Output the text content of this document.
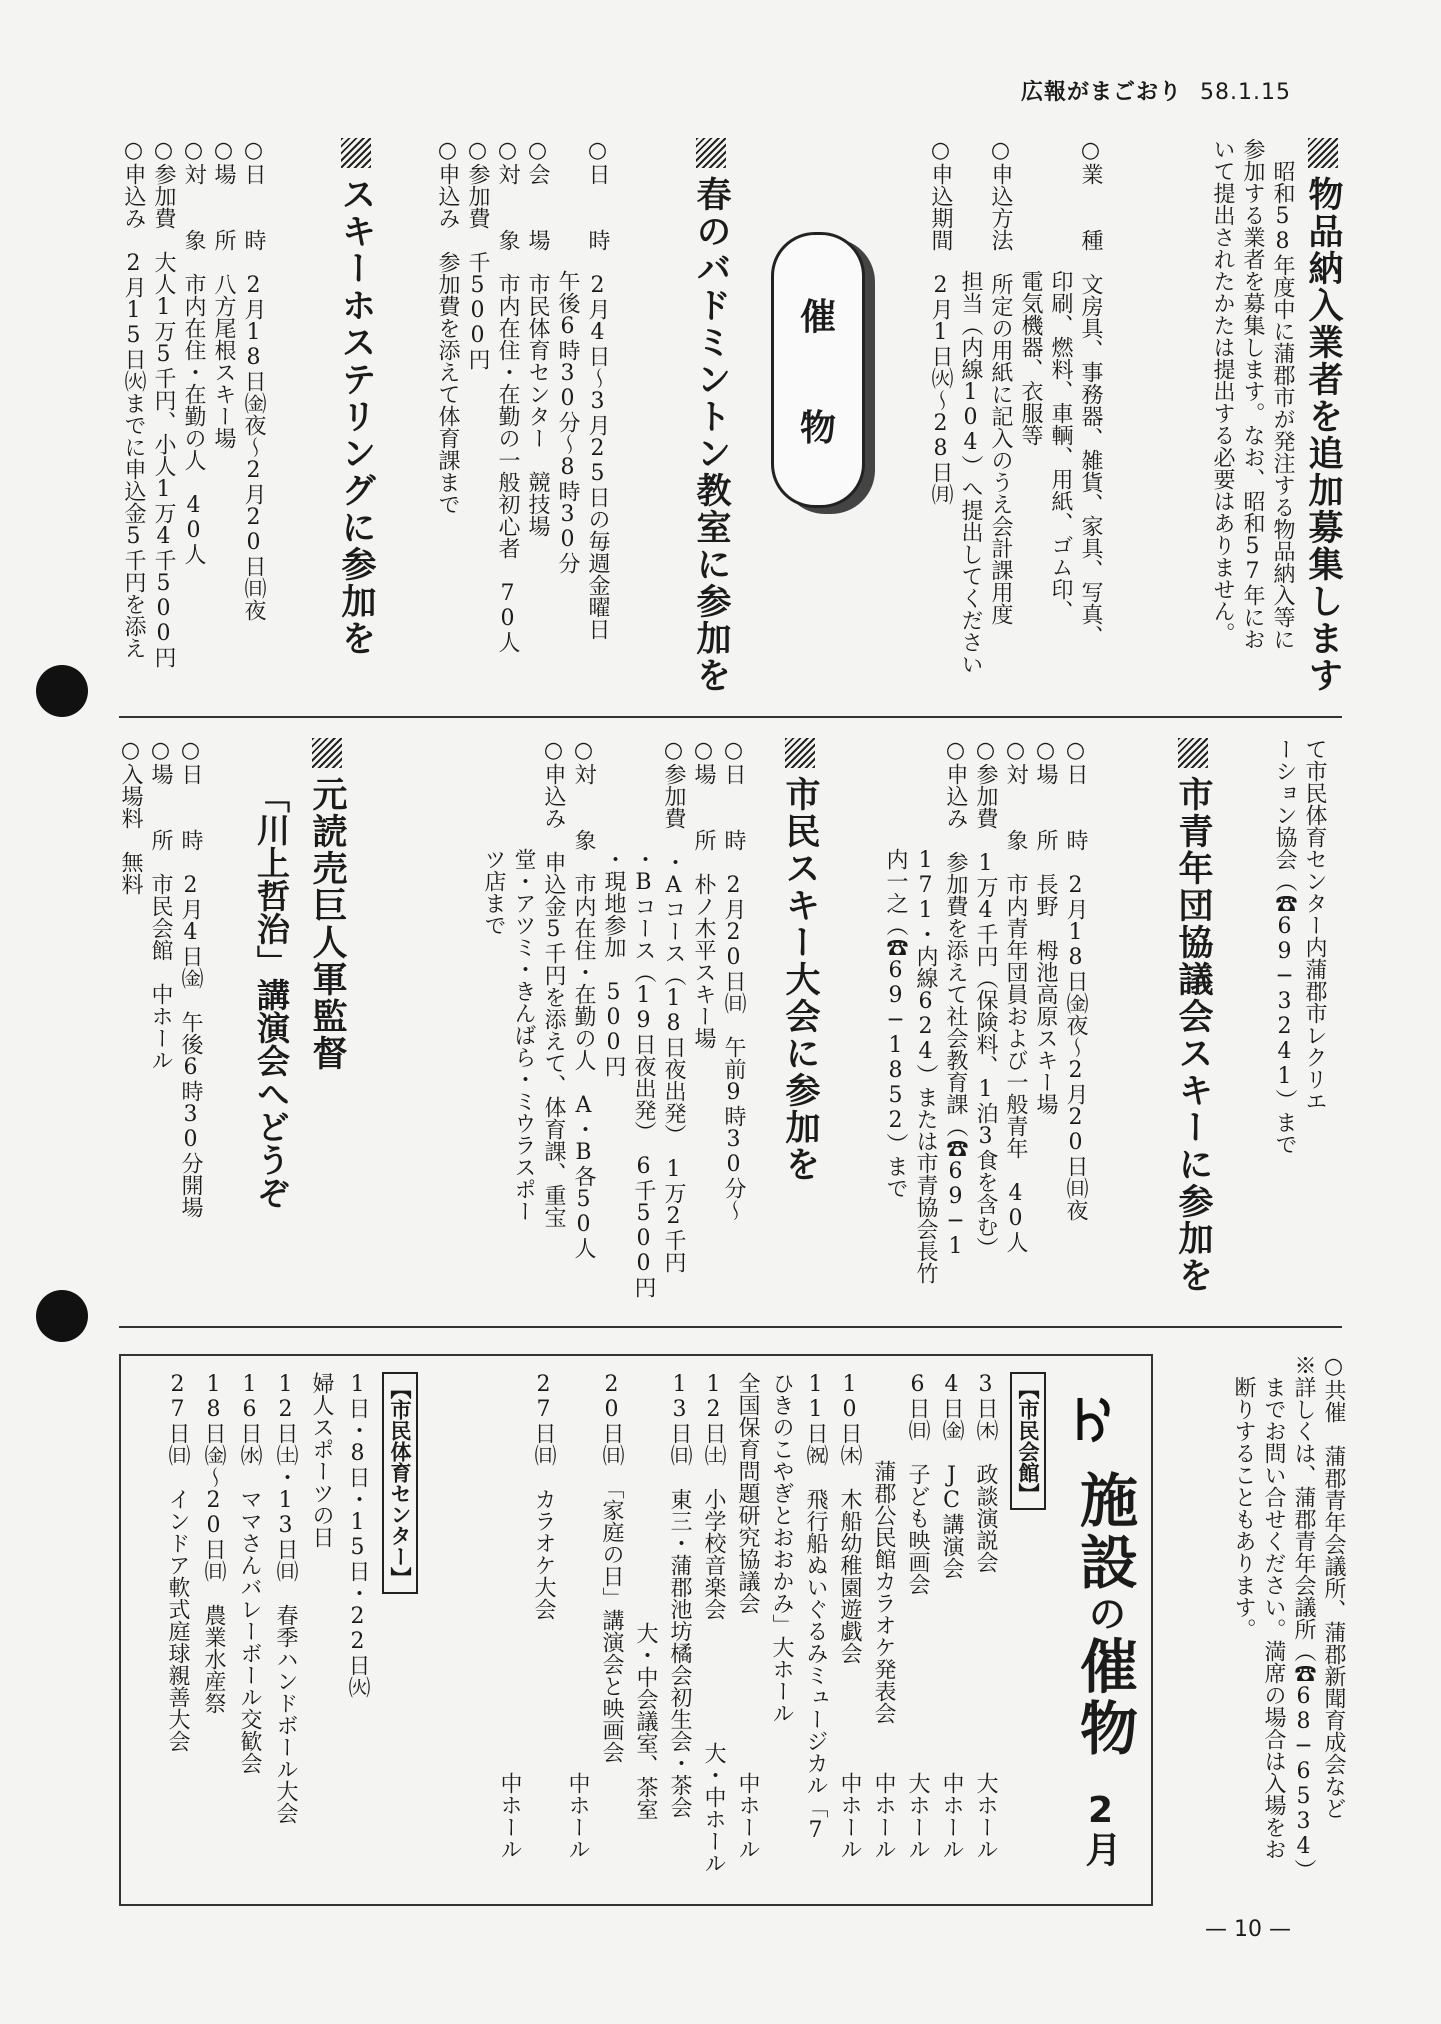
広報がまごおり 58.1.15
物品納入業者を追加募集します
昭和58年度中に蒲郡市が発注する物品納入等に
参加する業者を募集します。なお、昭和57年にお
いて提出されたかたは提出する必要はありません。
○業　　種　文房具、事務器、雑貨、家具、写真、
印刷、燃料、車輌、用紙、ゴム印、
電気機器、衣服等
○申込方法　所定の用紙に記入のうえ会計課用度
担当（内線104）へ提出してください
○申込期間　2月1日㈫～28日㈪
催
物
春のバドミントン教室に参加を
○日　　時　2月4日～3月25日の毎週金曜日
午後6時30分～8時30分
○会　　場　市民体育センター　競技場
○対　　象　市内在住・在勤の一般初心者　70人
○参加費　千500円
○申込み　参加費を添えて体育課まで
スキーホステリングに参加を
○日　　時　2月18日㈮夜～2月20日㈰夜
○場　　所　八方尾根スキー場
○対　　象　市内在住・在勤の人　40人
○参加費　大人1万5千円、小人1万4千500円
○申込み　2月15日㈫までに申込金5千円を添え
て市民体育センター内蒲郡市レクリエ
ーション協会（☎69─3241）まで
市青年団協議会スキーに参加を
○日　　時　2月18日㈮夜～2月20日㈰夜
○場　　所　長野　栂池高原スキー場
○対　　象　市内青年団員および一般青年　40人
○参加費　1万4千円（保険料、1泊3食を含む）
○申込み　参加費を添えて社会教育課（☎69─1
171・内線624）または市青協会長竹
内一之（☎69─1852）まで
市民スキー大会に参加を
○日　　時　2月20日㈰　午前9時30分～
○場　　所　朴ノ木平スキー場
○参加費　・Aコース（18日夜出発）　1万2千円
・Bコース（19日夜出発）　6千500円
・現地参加　500円
○対　　象　市内在住・在勤の人　A・B各50人
○申込み　申込金5千円を添えて、体育課、重宝
堂・アツミ・きんばら・ミウラスポー
ツ店まで
元読売巨人軍監督
「川上哲治」講演会へどうぞ
○日　　時　2月4日㈮　午後6時30分開場
○場　　所　市民会館　中ホール
○入場料　無料
○共催　蒲郡青年会議所、蒲郡新聞育成会など
※詳しくは、蒲郡青年会議所（☎68─6534）
までお問い合せください。満席の場合は入場をお
断りすることもあります。
施設の催物
2月
【市民会館】
3日㈭　政談演説会
大ホール
4日㈮　JC講演会
中ホール
6日㈰　子ども映画会
大ホール
蒲郡公民館カラオケ発表会
中ホール
10日㈭　木船幼稚園遊戯会
中ホール
11日㈷　飛行船ぬいぐるみミュージカル「7
ひきのこやぎとおおかみ」大ホール
全国保育問題研究協議会
中ホール
12日㈯　小学校音楽会
大・中ホール
13日㈰　東三・蒲郡池坊橘会初生会・茶会
大・中会議室、茶室
20日㈰　「家庭の日」講演会と映画会
中ホール
27日㈰　カラオケ大会
中ホール
【市民体育センター】
1日・8日・15日・22日㈫
婦人スポーツの日
12日㈯・13日㈰　春季ハンドボール大会
16日㈬　ママさんバレーボール交歓会
18日㈮～20日㈰　農業水産祭
27日㈰　インドア軟式庭球親善大会
— 10 —
